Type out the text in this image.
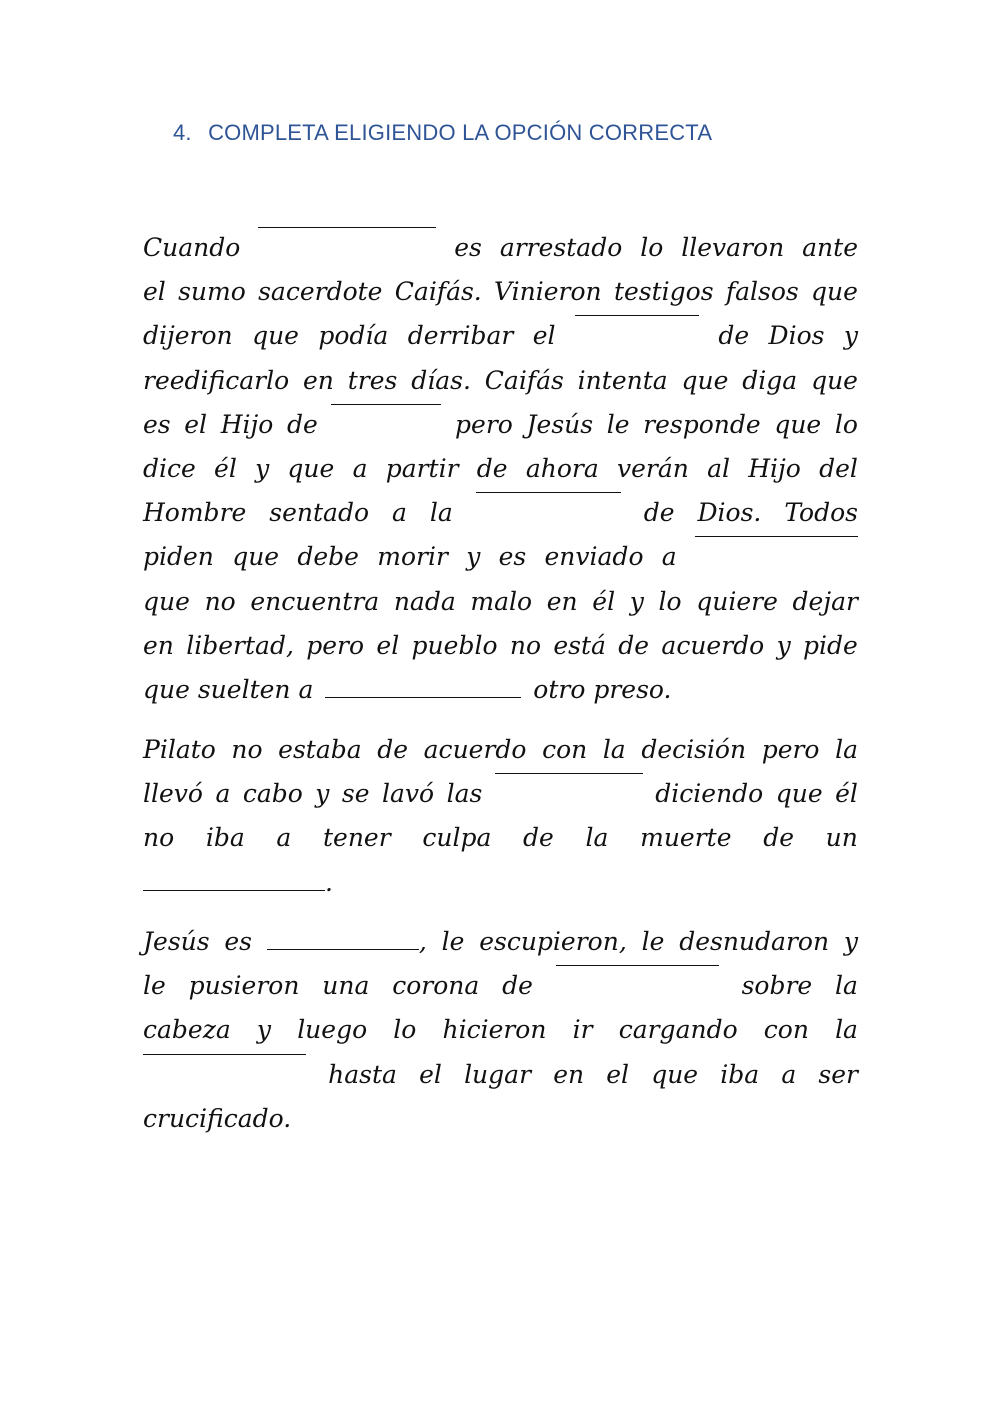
4. COMPLETA ELIGIENDO LA OPCIÓN CORRECTA
Cuando	es arrestado lo llevaron ante
el sumo sacerdote Caifás. Vinieron testigos falsos que
dijeron que podía derribar el	de Dios y
reedificarlo en tres días. Caifás intenta que diga que
es el Hijo de	pero Jesús le responde que lo
dice él y que a partir de ahora verán al Hijo del
Hombre sentado a la	de Dios. Todos
piden que debe morir y es enviado a
que no encuentra nada malo en él y lo quiere dejar
en libertad, pero el pueblo no está de acuerdo y pide
que suelten a	otro preso.
Pilato no estaba de acuerdo con la decisión pero la
llevó a cabo y se lavó las	diciendo que él
no iba a tener culpa de la muerte de un
.
Jesús es	, le escupieron, le desnudaron y
le pusieron una corona de	sobre la
cabeza y luego lo hicieron ir cargando con la
hasta el lugar en el que iba a ser
crucificado.
